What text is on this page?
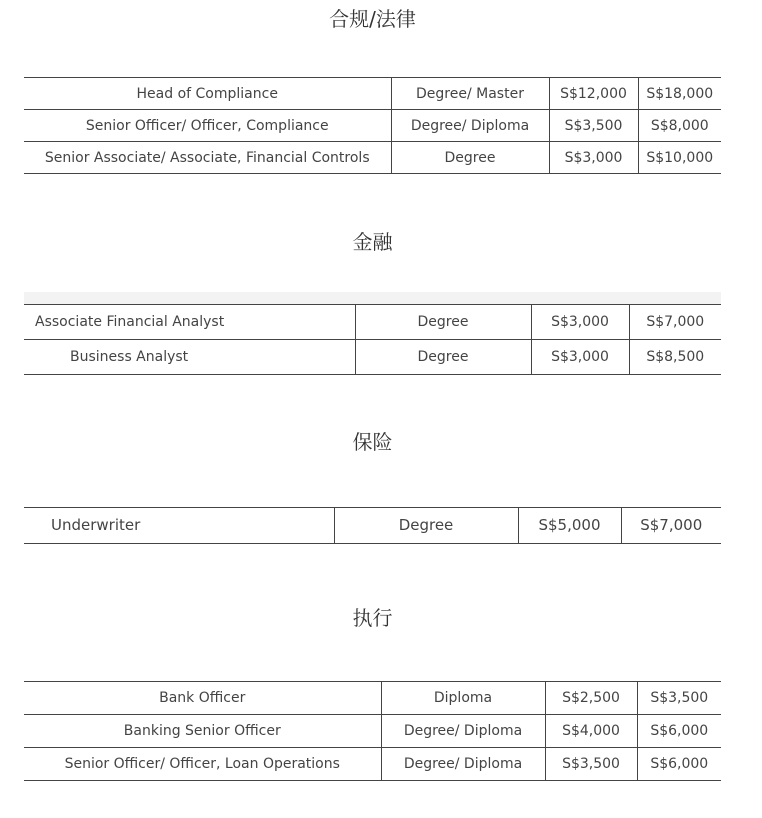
合规/法律
Head of Compliance	Degree/ Master	S$12,000	S$18,000
Senior Officer/ Officer, Compliance	Degree/ Diploma	S$3,500	S$8,000
Senior Associate/ Associate, Financial Controls	Degree	S$3,000	S$10,000
金融
Associate Financial Analyst	Degree	S$3,000	S$7,000
Business Analyst	Degree	S$3,000	S$8,500
保险
Underwriter	Degree	S$5,000	S$7,000
执行
Bank Officer	Diploma	S$2,500	S$3,500
Banking Senior Officer	Degree/ Diploma	S$4,000	S$6,000
Senior Officer/ Officer, Loan Operations	Degree/ Diploma	S$3,500	S$6,000
